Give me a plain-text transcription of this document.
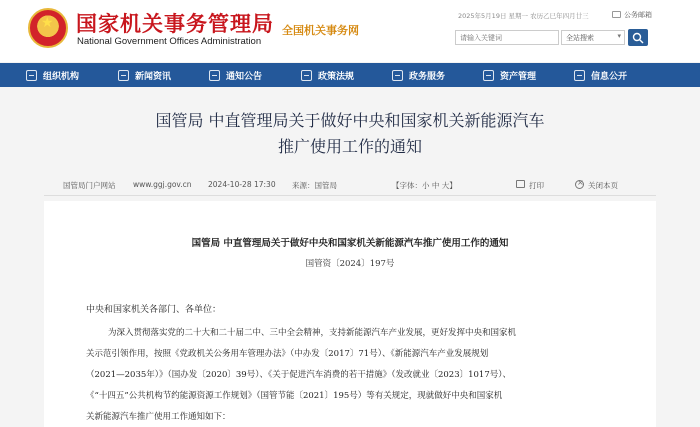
★ 国家机关事务管理局
National Government Offices Administration
全国机关事务网
2025年5月19日 星期一 农历乙巳年四月廿三	公务邮箱
请输入关键词
全站搜索	▾
组织机构	新闻资讯	通知公告	政策法规	政务服务	资产管理	信息公开
国管局 中直管理局关于做好中央和国家机关新能源汽车
推广使用工作的通知
国管局门户网站 www.ggj.gov.cn 2024-10-28 17:30 来源：国管局	【字体：小 中 大】	打印
×	关闭本页
国管局 中直管理局关于做好中央和国家机关新能源汽车推广使用工作的通知
国管资〔2024〕197号
中央和国家机关各部门、各单位：
为深入贯彻落实党的二十大和二十届二中、三中全会精神，支持新能源汽车产业发展，更好发挥中央和国家机
关示范引领作用，按照《党政机关公务用车管理办法》（中办发〔2017〕71号）、《新能源汽车产业发展规划
（2021—2035年）》（国办发〔2020〕39号）、《关于促进汽车消费的若干措施》（发改就业〔2023〕1017号）、
《“十四五”公共机构节约能源资源工作规划》（国管节能〔2021〕195号）等有关规定，现就做好中央和国家机
关新能源汽车推广使用工作通知如下：
